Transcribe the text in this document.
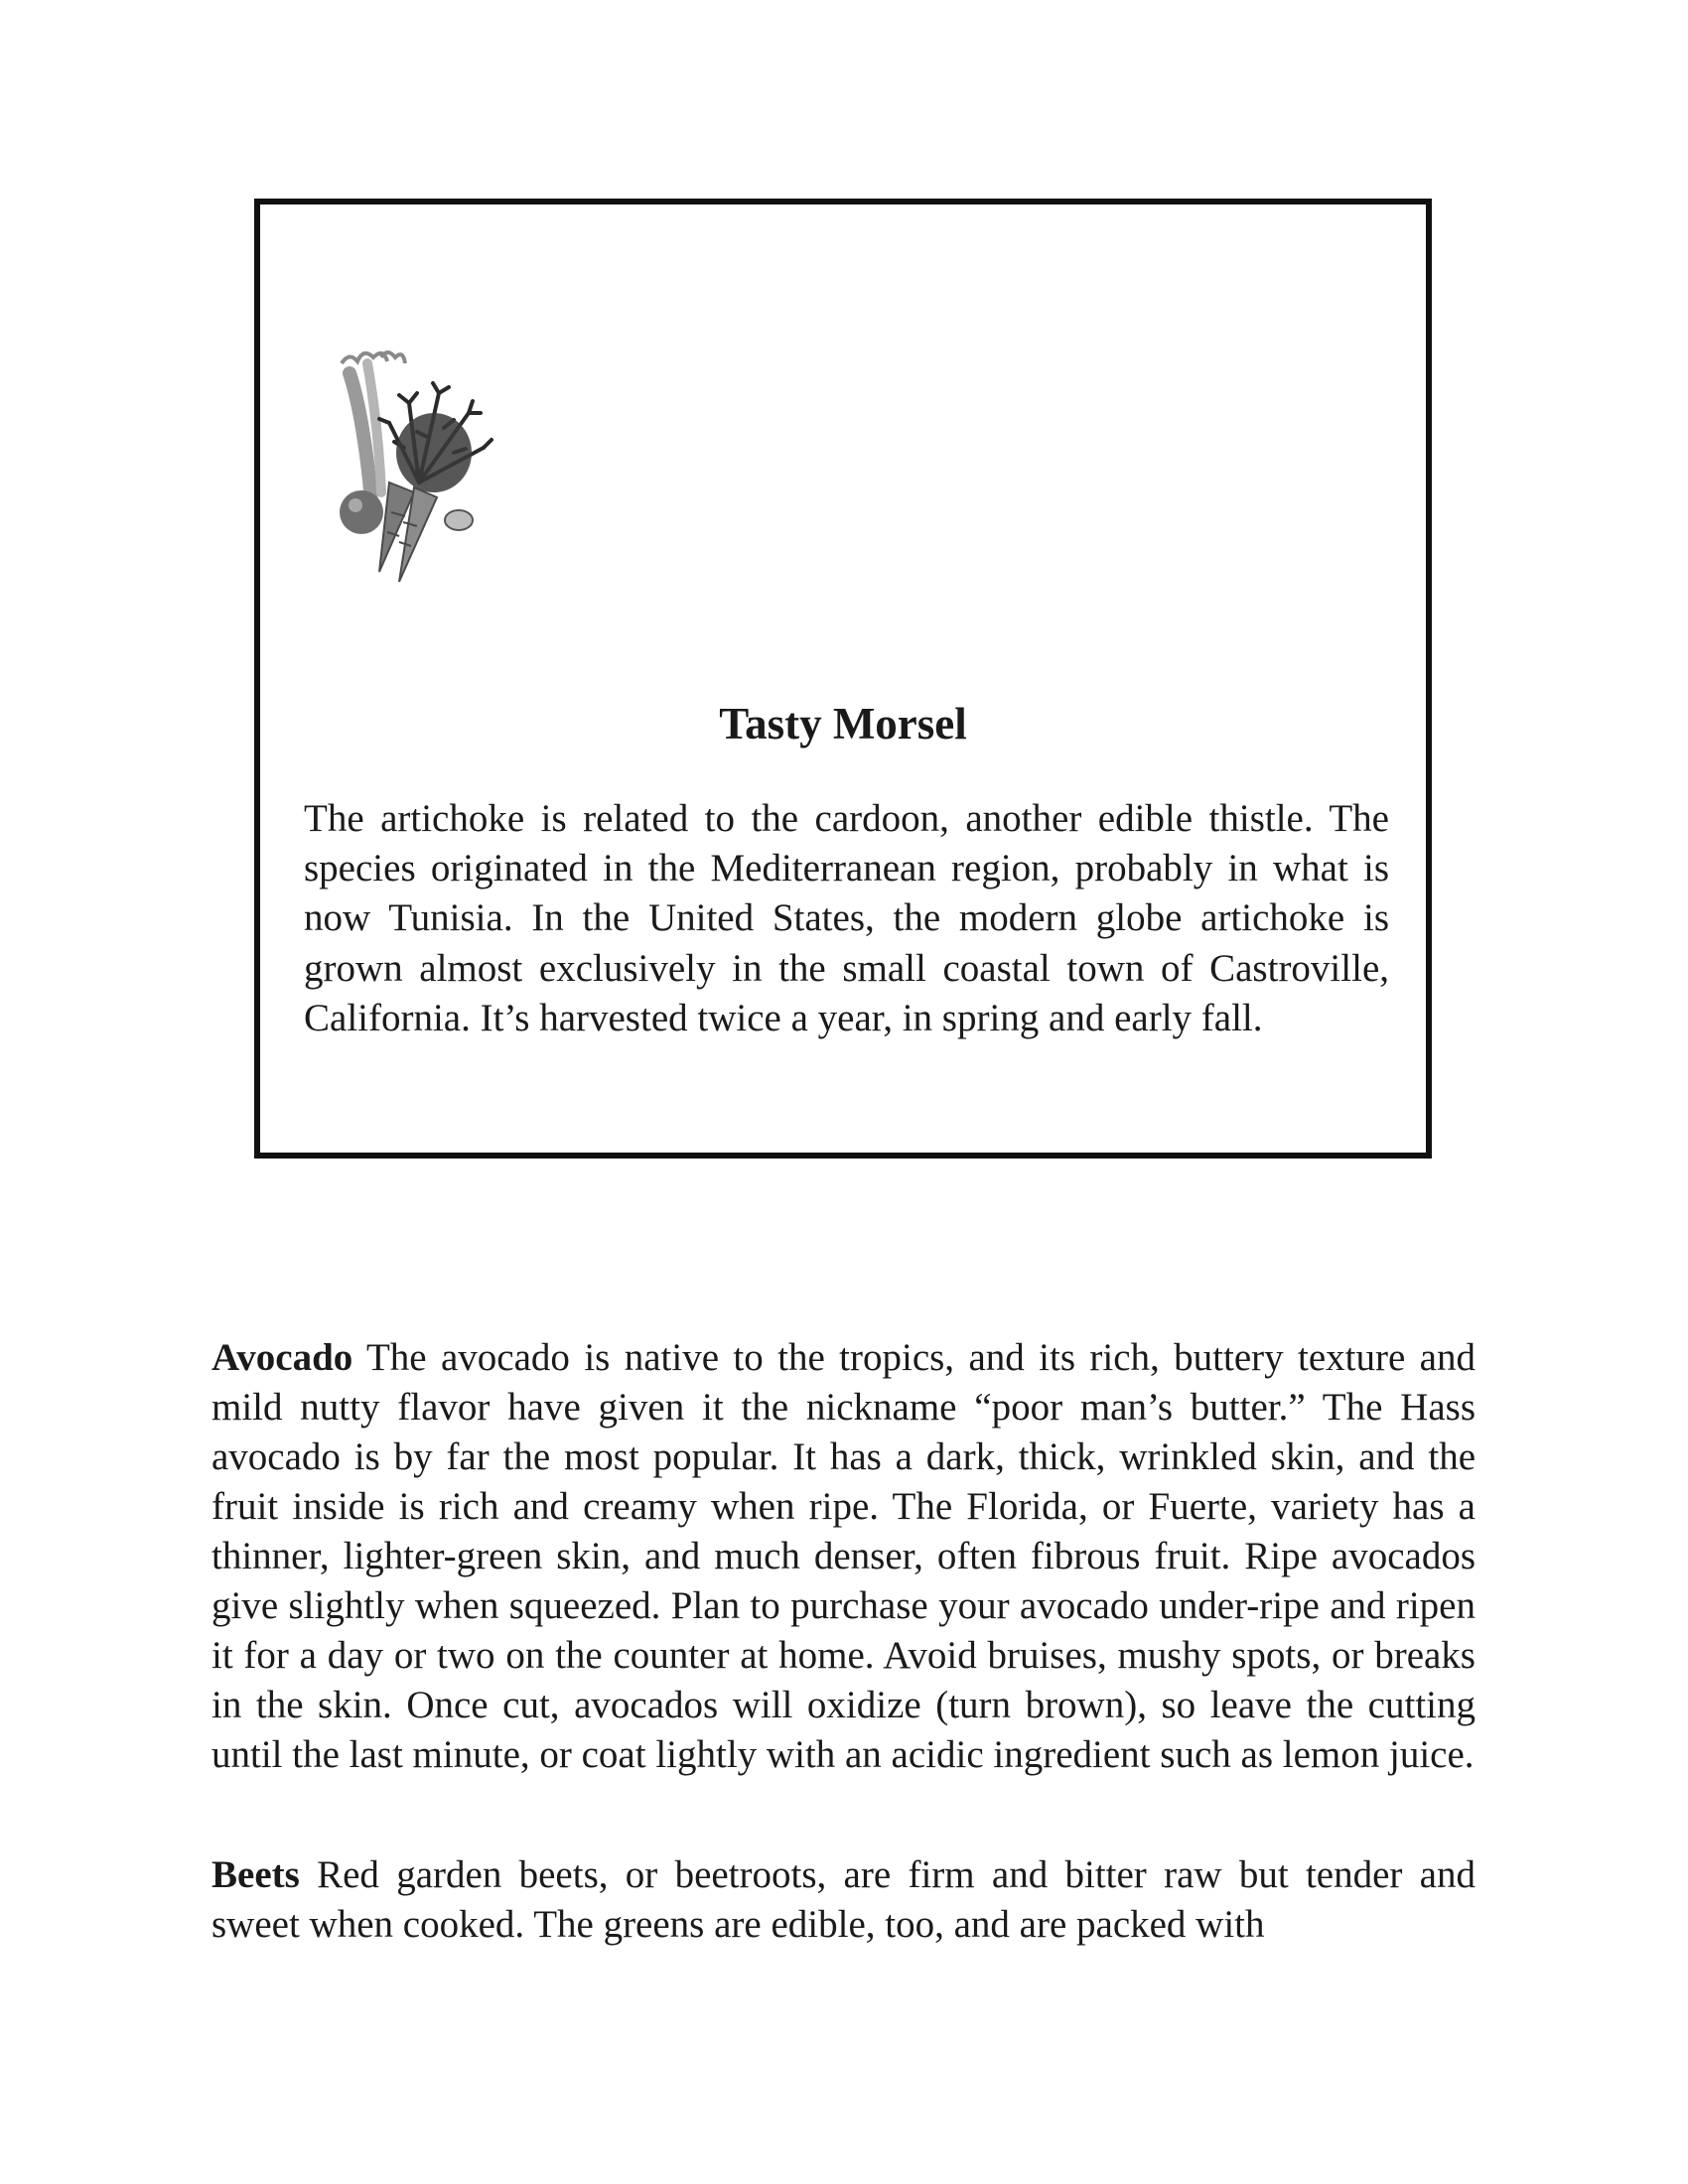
Tasty Morsel

The artichoke is related to the cardoon, another edible thistle. The species originated in the Mediterranean region, probably in what is now Tunisia. In the United States, the modern globe artichoke is grown almost exclusively in the small coastal town of Castroville, California. It’s harvested twice a year, in spring and early fall.

Avocado The avocado is native to the tropics, and its rich, buttery texture and mild nutty flavor have given it the nickname “poor man’s butter.” The Hass avocado is by far the most popular. It has a dark, thick, wrinkled skin, and the fruit inside is rich and creamy when ripe. The Florida, or Fuerte, variety has a thinner, lighter-green skin, and much denser, often fibrous fruit. Ripe avocados give slightly when squeezed. Plan to purchase your avocado under-ripe and ripen it for a day or two on the counter at home. Avoid bruises, mushy spots, or breaks in the skin. Once cut, avocados will oxidize (turn brown), so leave the cutting until the last minute, or coat lightly with an acidic ingredient such as lemon juice.

Beets Red garden beets, or beetroots, are firm and bitter raw but tender and sweet when cooked. The greens are edible, too, and are packed with
